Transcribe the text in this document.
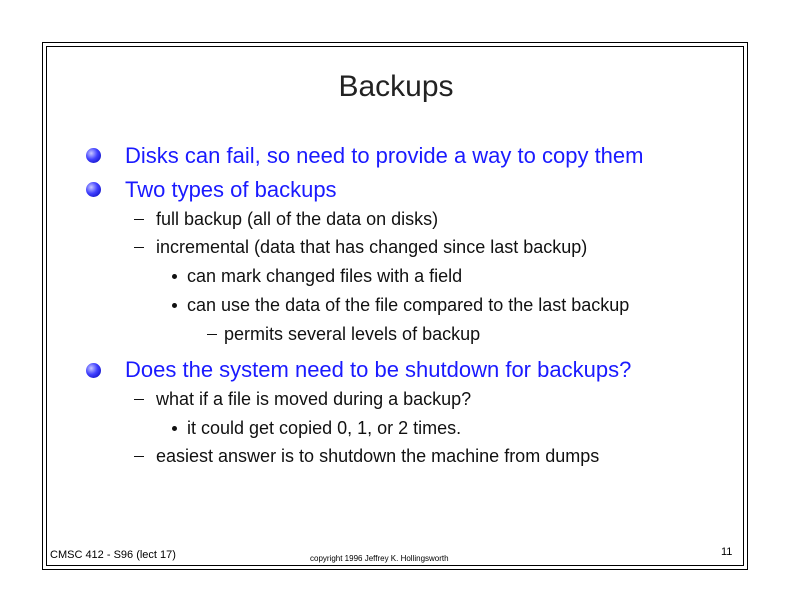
Backups
Disks can fail, so need to provide a way to copy them
Two types of backups
full backup (all of the data on disks)
incremental (data that has changed since last backup)
can mark changed files with a field
can use the data of the file compared to the last backup
permits several levels of backup
Does the system need to be shutdown for backups?
what if a file is moved during a backup?
it could get copied 0, 1, or 2 times.
easiest answer is to shutdown the machine from dumps
CMSC 412 - S96 (lect 17)	copyright 1996 Jeffrey K. Hollingsworth
11
